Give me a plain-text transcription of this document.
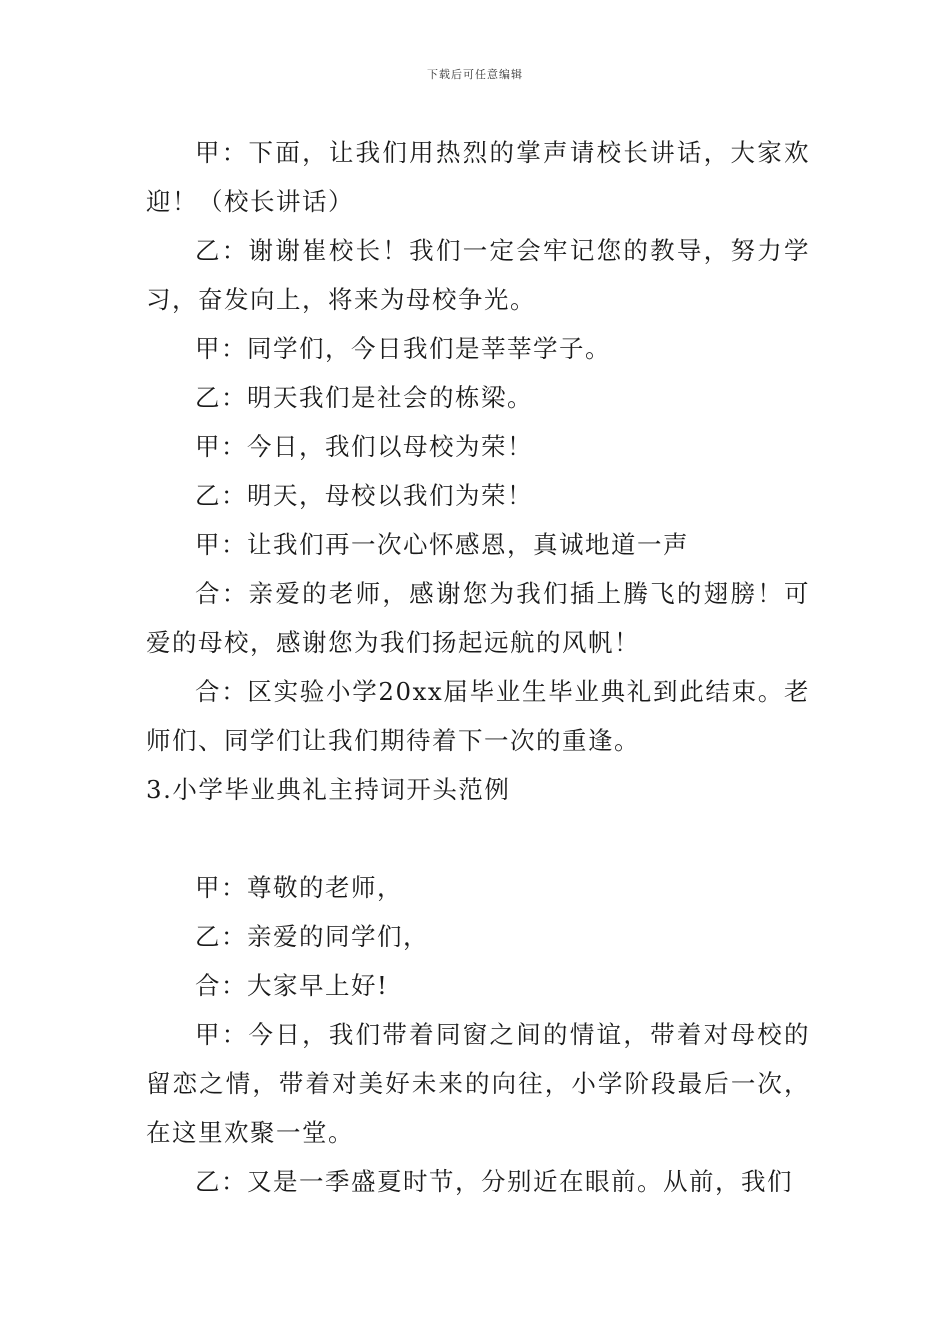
下载后可任意编辑

甲：下面，让我们用热烈的掌声请校长讲话，大家欢迎！（校长讲话）

乙：谢谢崔校长！我们一定会牢记您的教导，努力学习，奋发向上，将来为母校争光。

甲：同学们，今日我们是莘莘学子。

乙：明天我们是社会的栋梁。

甲：今日，我们以母校为荣！

乙：明天，母校以我们为荣！

甲：让我们再一次心怀感恩，真诚地道一声

合：亲爱的老师，感谢您为我们插上腾飞的翅膀！可爱的母校，感谢您为我们扬起远航的风帆！

合：区实验小学20xx届毕业生毕业典礼到此结束。老师们、同学们让我们期待着下一次的重逢。

3.小学毕业典礼主持词开头范例

甲：尊敬的老师，

乙：亲爱的同学们，

合：大家早上好!

甲：今日，我们带着同窗之间的情谊，带着对母校的留恋之情，带着对美好未来的向往，小学阶段最后一次，在这里欢聚一堂。

乙：又是一季盛夏时节，分别近在眼前。从前，我们
